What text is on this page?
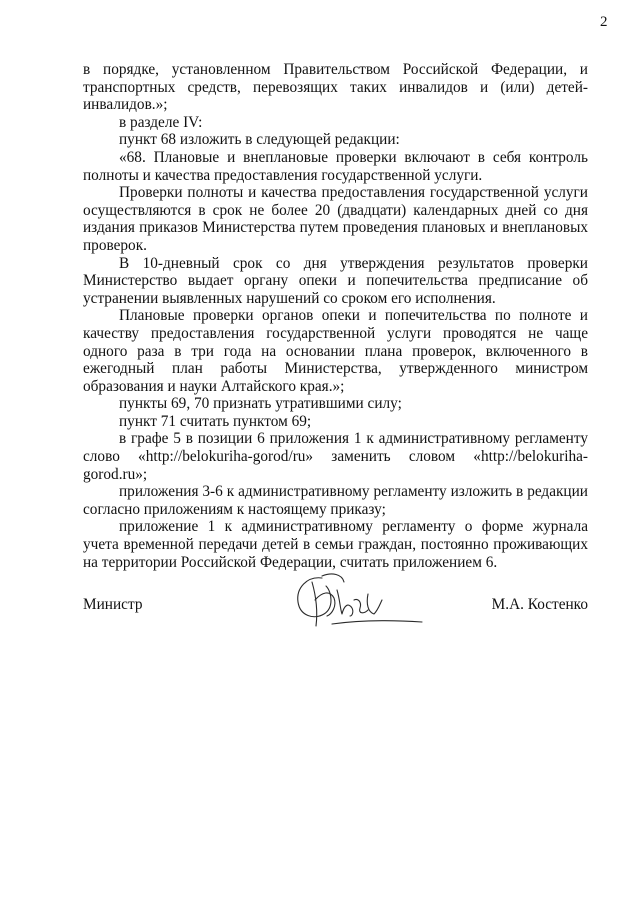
2

в порядке, установленном Правительством Российской Федерации, и транспортных средств, перевозящих таких инвалидов и (или) детей-инвалидов.»;

в разделе IV:

пункт 68 изложить в следующей редакции:

«68. Плановые и внеплановые проверки включают в себя контроль полноты и качества предоставления государственной услуги.

Проверки полноты и качества предоставления государственной услуги осуществляются в срок не более 20 (двадцати) календарных дней со дня издания приказов Министерства путем проведения плановых и внеплановых проверок.

В 10-дневный срок со дня утверждения результатов проверки Министерство выдает органу опеки и попечительства предписание об устранении выявленных нарушений со сроком его исполнения.

Плановые проверки органов опеки и попечительства по полноте и качеству предоставления государственной услуги проводятся не чаще одного раза в три года на основании плана проверок, включенного в ежегодный план работы Министерства, утвержденного министром образования и науки Алтайского края.»;

пункты 69, 70 признать утратившими силу;

пункт 71 считать пунктом 69;

в графе 5 в позиции 6 приложения 1 к административному регламенту слово «http://belokuriha-gorod/ru» заменить словом «http://belokuriha-gorod.ru»;

приложения 3-6 к административному регламенту изложить в редакции согласно приложениям к настоящему приказу;

приложение 1 к административному регламенту о форме журнала учета временной передачи детей в семьи граждан, постоянно проживающих на территории Российской Федерации, считать приложением 6.

Министр	М.А. Костенко
